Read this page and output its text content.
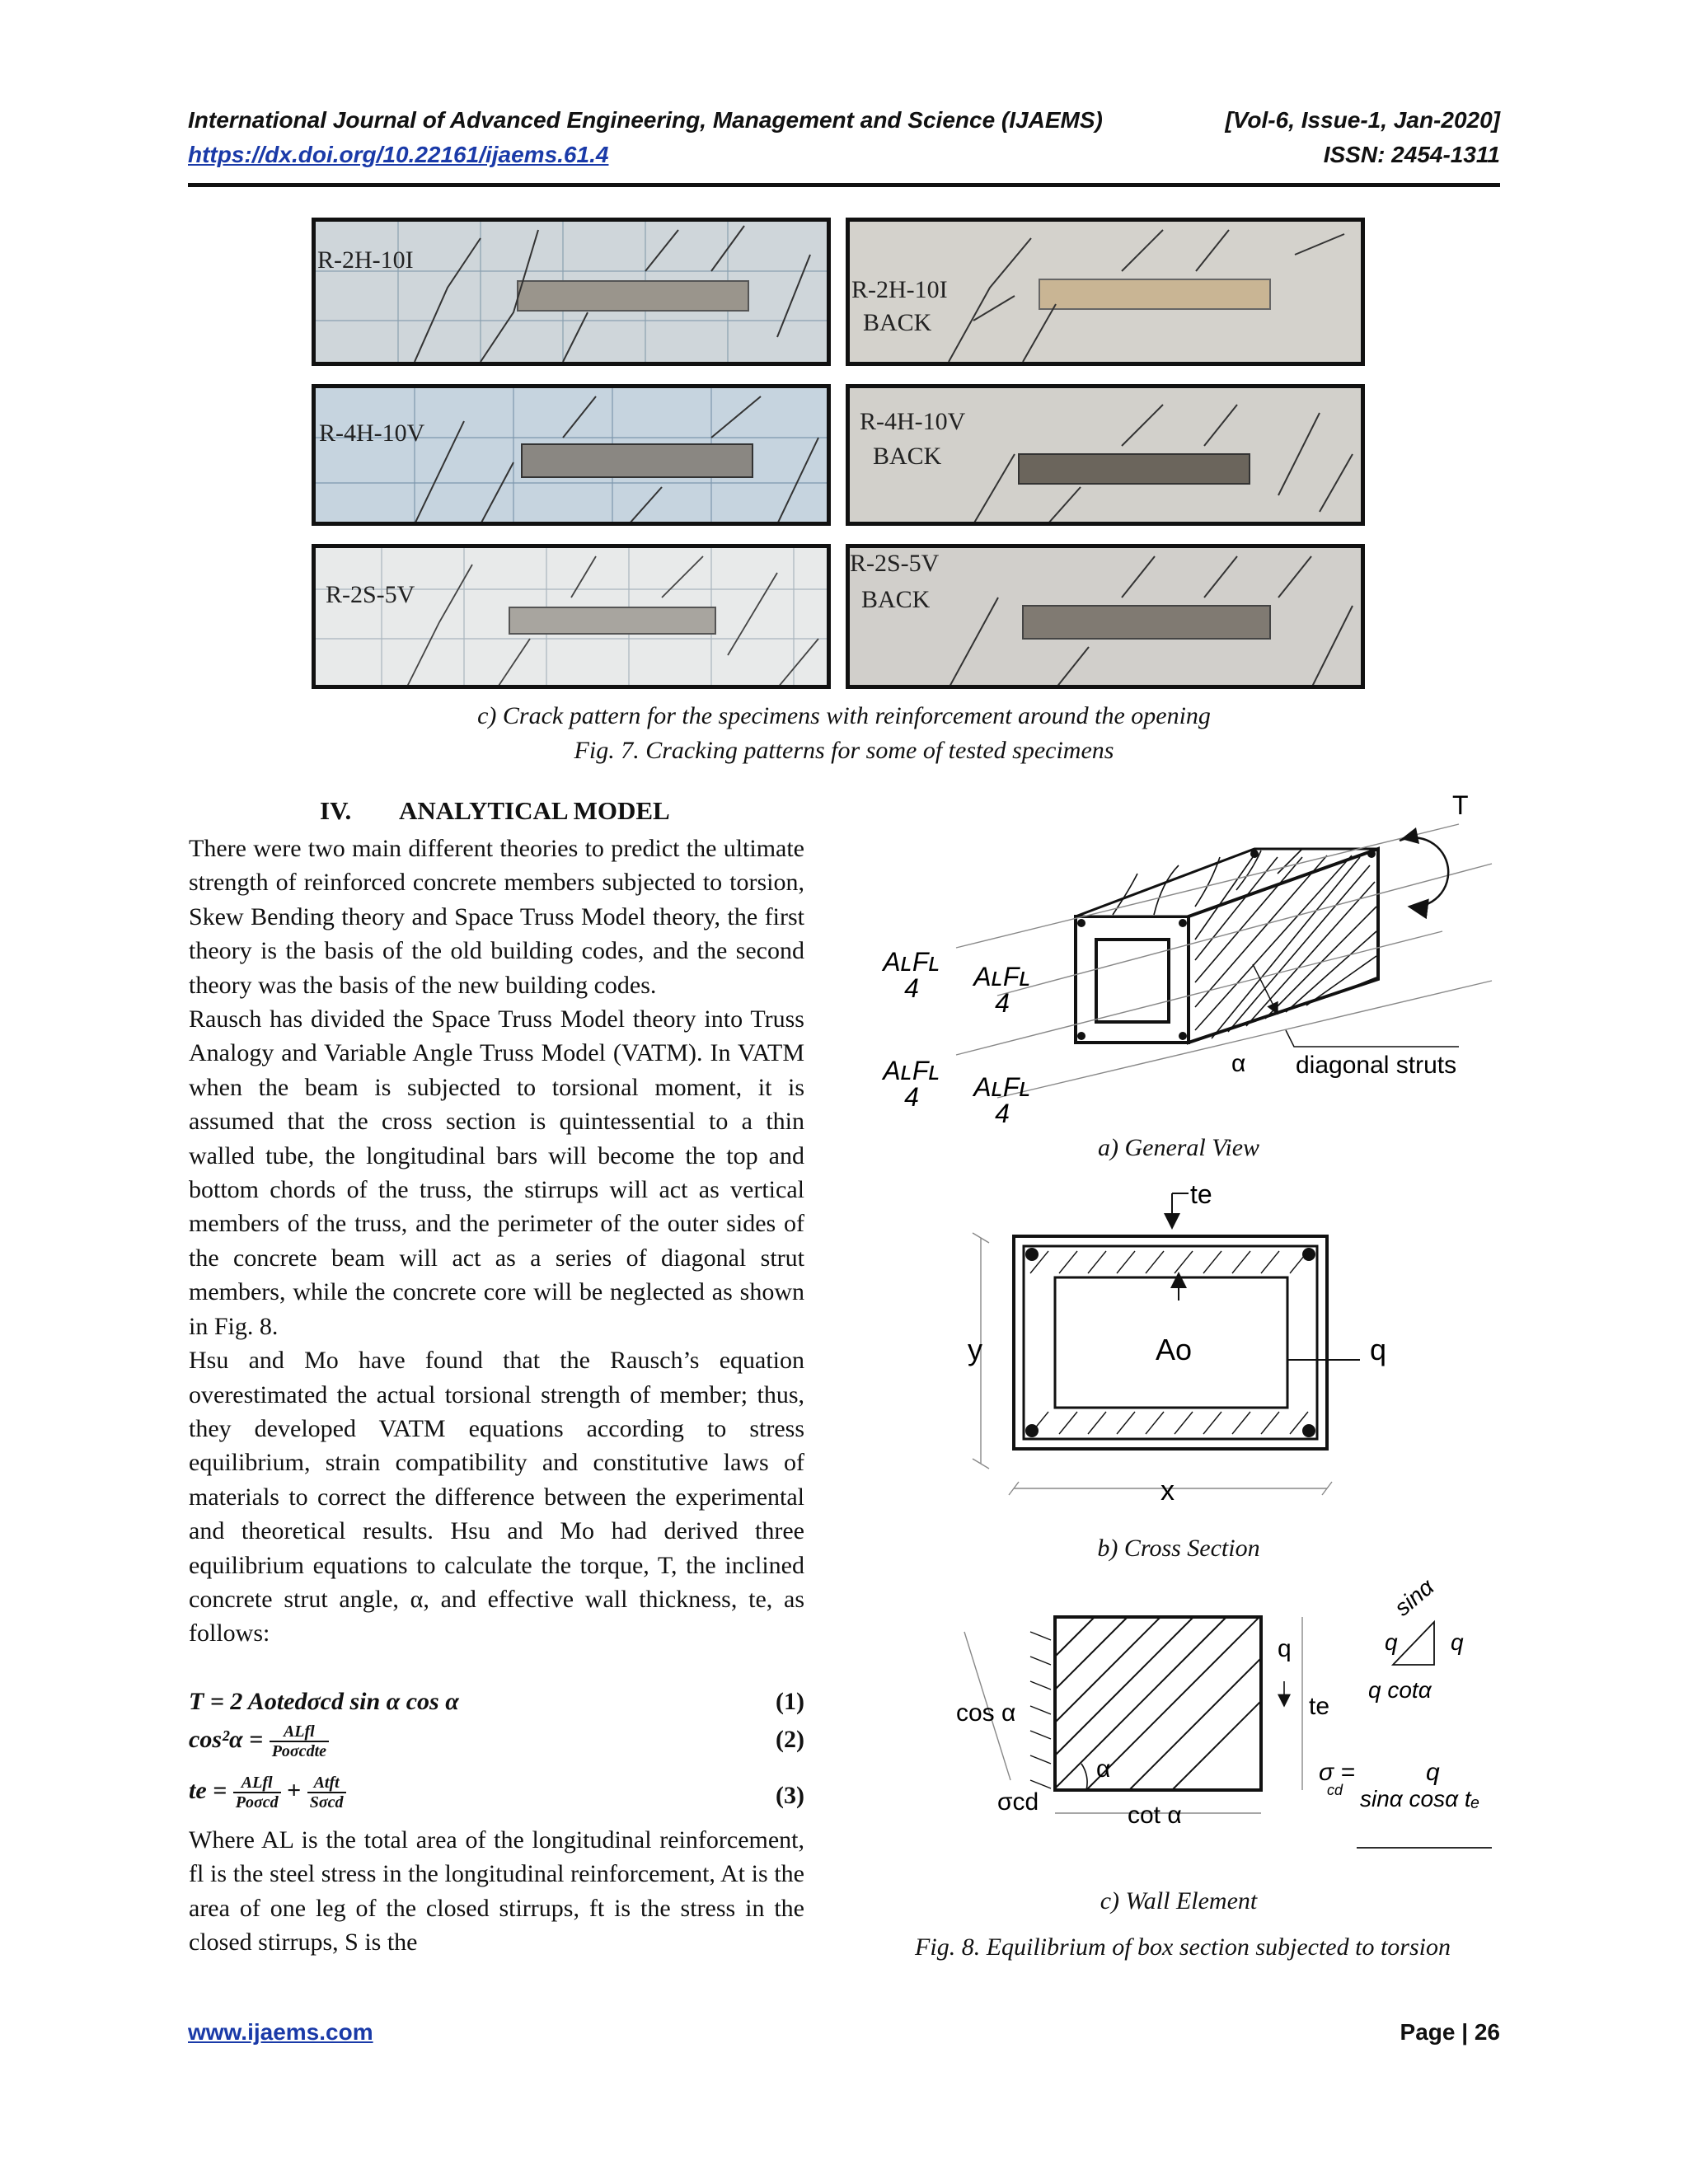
International Journal of Advanced Engineering, Management and Science (IJAEMS)	[Vol-6, Issue-1, Jan-2020]
https://dx.doi.org/10.22161/ijaems.61.4	ISSN: 2454-1311
R-2H-10I
R-2H-10I
BACK
R-4H-10V	R-4H-10V
BACK
R-2S-5V
R-2S-5V
BACK
c) Crack pattern for the specimens with reinforcement around the opening
Fig. 7. Cracking patterns for some of tested specimens
IV. ANALYTICAL MODEL

There were two main different theories to predict the ultimate strength of reinforced concrete members subjected to torsion, Skew Bending theory and Space Truss Model theory, the first theory is the basis of the old building codes, and the second theory was the basis of the new building codes.

Rausch has divided the Space Truss Model theory into Truss Analogy and Variable Angle Truss Model (VATM). In VATM when the beam is subjected to torsional moment, it is assumed that the cross section is quintessential to a thin walled tube, the longitudinal bars will become the top and bottom chords of the truss, the stirrups will act as vertical members of the truss, and the perimeter of the outer sides of the concrete beam will act as a series of diagonal strut members, while the concrete core will be neglected as shown in Fig. 8.

Hsu and Mo have found that the Rausch’s equation overestimated the actual torsional strength of member; thus, they developed VATM equations according to stress equilibrium, strain compatibility and constitutive laws of materials to correct the difference between the experimental and theoretical results. Hsu and Mo had derived three equilibrium equations to calculate the torque, T, the inclined concrete strut angle, α, and effective wall thickness, te, as follows:

T = 2 Aotedσcd sin α cos α	(1)
$\cos^2\alpha = \frac{\text{ALfl}}{\text{Poσcdte}}$	(2)
te = $\frac{\text{ALfl}}{\text{Poσcd}} + \frac{\text{Atft}}{\text{Sσcd}}$	(3)

Where AL is the total area of the longitudinal reinforcement, fl is the steel stress in the longitudinal reinforcement, At is the area of one leg of the closed stirrups, ft is the stress in the closed stirrups, S is the

T
AʟFʟ
4 AʟFʟ
4
AʟFʟ
4 AʟFʟ
4
α diagonal struts
te
y	Ao	q
x
cos α
σcd
α
cot α
q
te
q
sinα
q
q cotα
σ =
cd
q
sinα cosα tₑ
a) General View
b) Cross Section
c) Wall Element
Fig. 8. Equilibrium of box section subjected to torsion
www.ijaems.com	Page | 26
